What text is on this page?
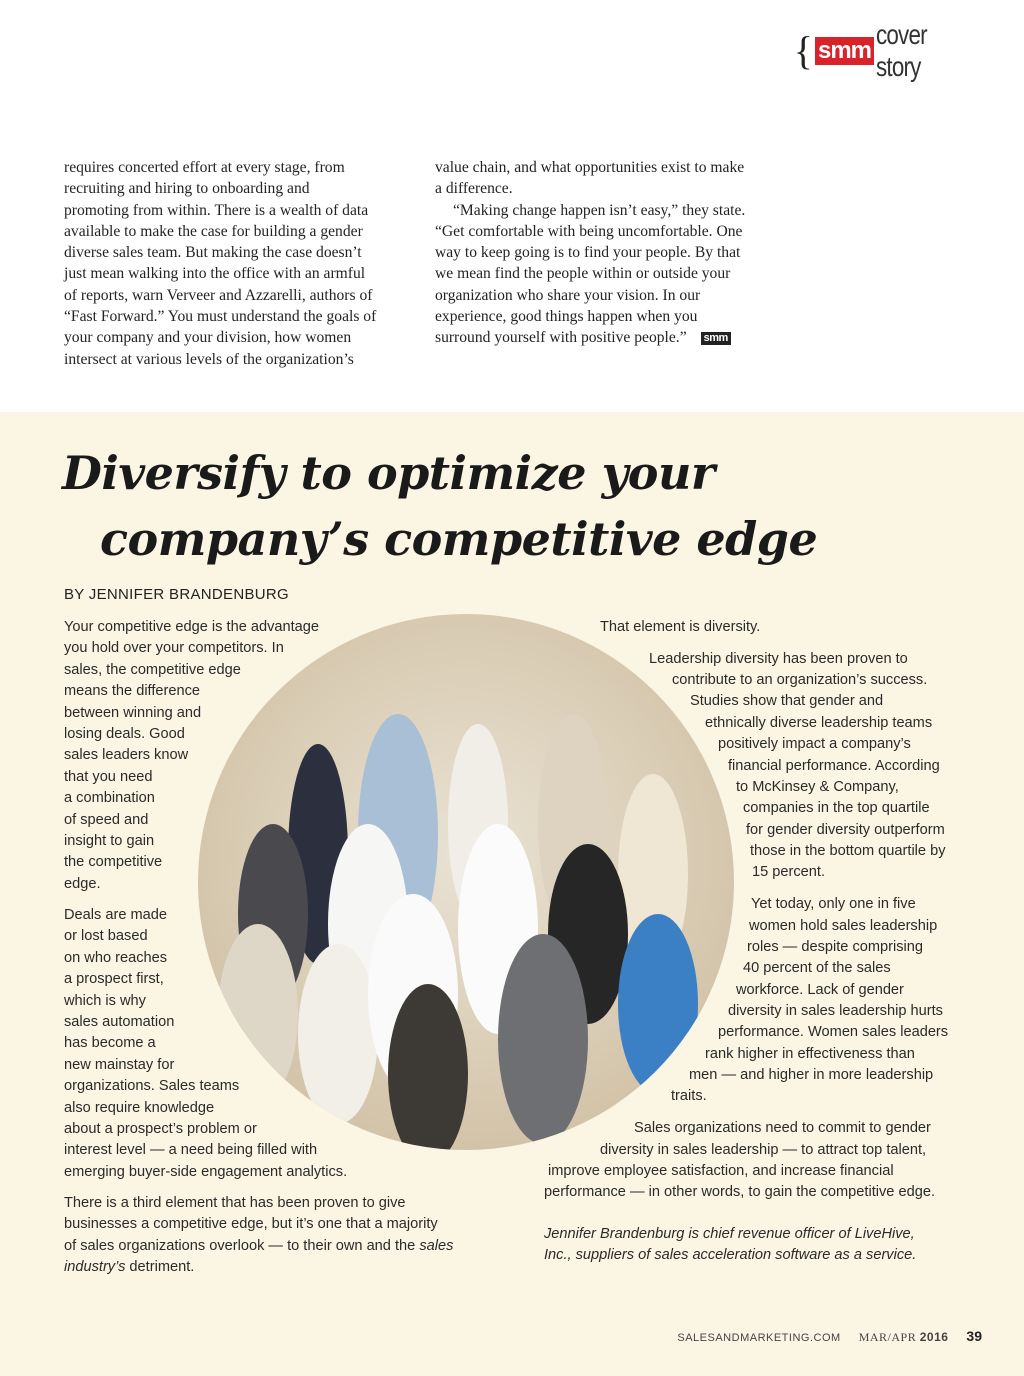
{ smm
cover story

requires concerted effort at every stage, from

recruiting and hiring to onboarding and

promoting from within. There is a wealth of data

available to make the case for building a gender

diverse sales team. But making the case doesn’t

just mean walking into the office with an armful

of reports, warn Verveer and Azzarelli, authors of

“Fast Forward.” You must understand the goals of

your company and your division, how women

intersect at various levels of the organization’s

value chain, and what opportunities exist to make

a difference.

“Making change happen isn’t easy,” they state.

“Get comfortable with being uncomfortable. One

way to keep going is to find your people. By that

we mean find the people within or outside your

organization who share your vision. In our

experience, good things happen when you

surround yourself with positive people.” smm

Diversify to optimize your
company’s competitive edge
BY JENNIFER BRANDENBURG

Your competitive edge is the advantage

you hold over your competitors. In

sales, the competitive edge

means the difference

between winning and

losing deals. Good

sales leaders know

that you need

a combination

of speed and

insight to gain

the competitive

edge.

Deals are made

or lost based

on who reaches

a prospect first,

which is why

sales automation

has become a

new mainstay for

organizations. Sales teams

also require knowledge

about a prospect’s problem or

interest level — a need being filled with

emerging buyer-side engagement analytics.

There is a third element that has been proven to give

businesses a competitive edge, but it’s one that a majority

of sales organizations overlook — to their own and the sales

industry’s detriment.

That element is diversity.

Leadership diversity has been proven to

contribute to an organization’s success.

Studies show that gender and

ethnically diverse leadership teams

positively impact a company’s

financial performance. According

to McKinsey & Company,

companies in the top quartile

for gender diversity outperform

those in the bottom quartile by

15 percent.

Yet today, only one in five

women hold sales leadership

roles — despite comprising

40 percent of the sales

workforce. Lack of gender

diversity in sales leadership hurts

performance. Women sales leaders

rank higher in effectiveness than

men — and higher in more leadership

traits.

Sales organizations need to commit to gender

diversity in sales leadership — to attract top talent,

improve employee satisfaction, and increase financial

performance — in other words, to gain the competitive edge.

Jennifer Brandenburg is chief revenue officer of LiveHive,

Inc., suppliers of sales acceleration software as a service.

SALESANDMARKETING.COM MAR/APR 2016 39
